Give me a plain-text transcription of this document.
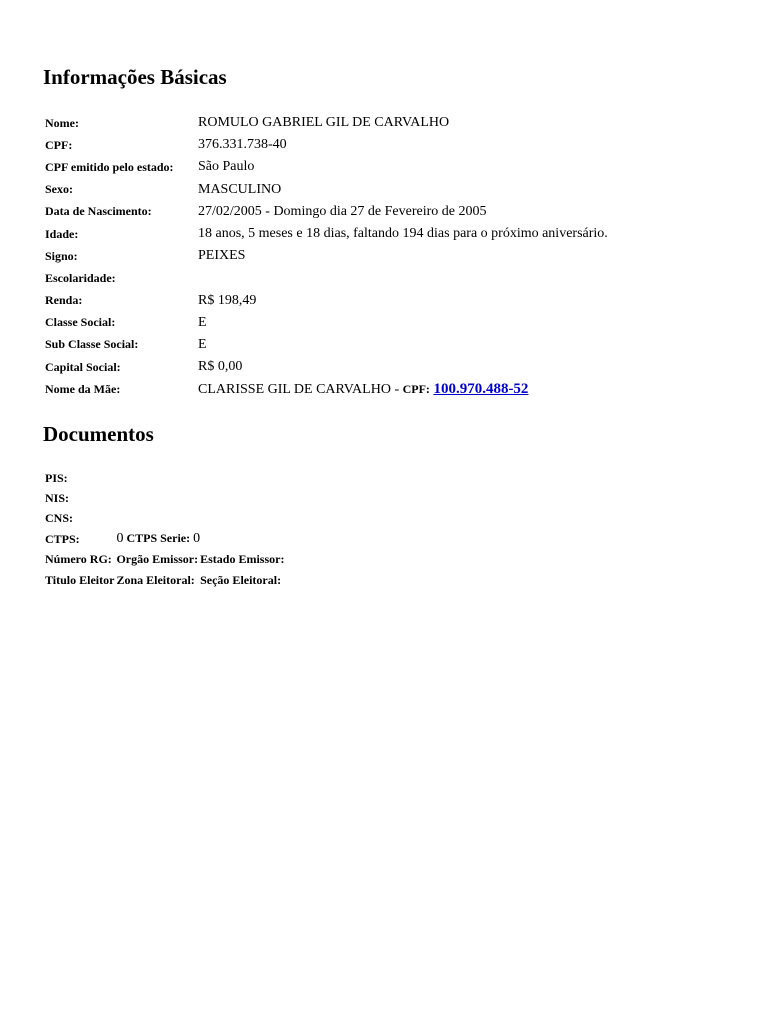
Informações Básicas
Nome:	ROMULO GABRIEL GIL DE CARVALHO
CPF:	376.331.738-40
CPF emitido pelo estado:	São Paulo
Sexo:	MASCULINO
Data de Nascimento:	27/02/2005 - Domingo dia 27 de Fevereiro de 2005
Idade:	18 anos, 5 meses e 18 dias, faltando 194 dias para o próximo aniversário.
Signo:	PEIXES
Escolaridade:	
Renda:	R$ 198,49
Classe Social:	E
Sub Classe Social:	E
Capital Social:	R$ 0,00
Nome da Mãe:	CLARISSE GIL DE CARVALHO - CPF: 100.970.488-52
Documentos
PIS:		
NIS:		
CNS:		
CTPS:	0 CTPS Serie: 0	
Número RG:	Orgão Emissor:	Estado Emissor:
Titulo Eleitor	Zona Eleitoral:	Seção Eleitoral:
